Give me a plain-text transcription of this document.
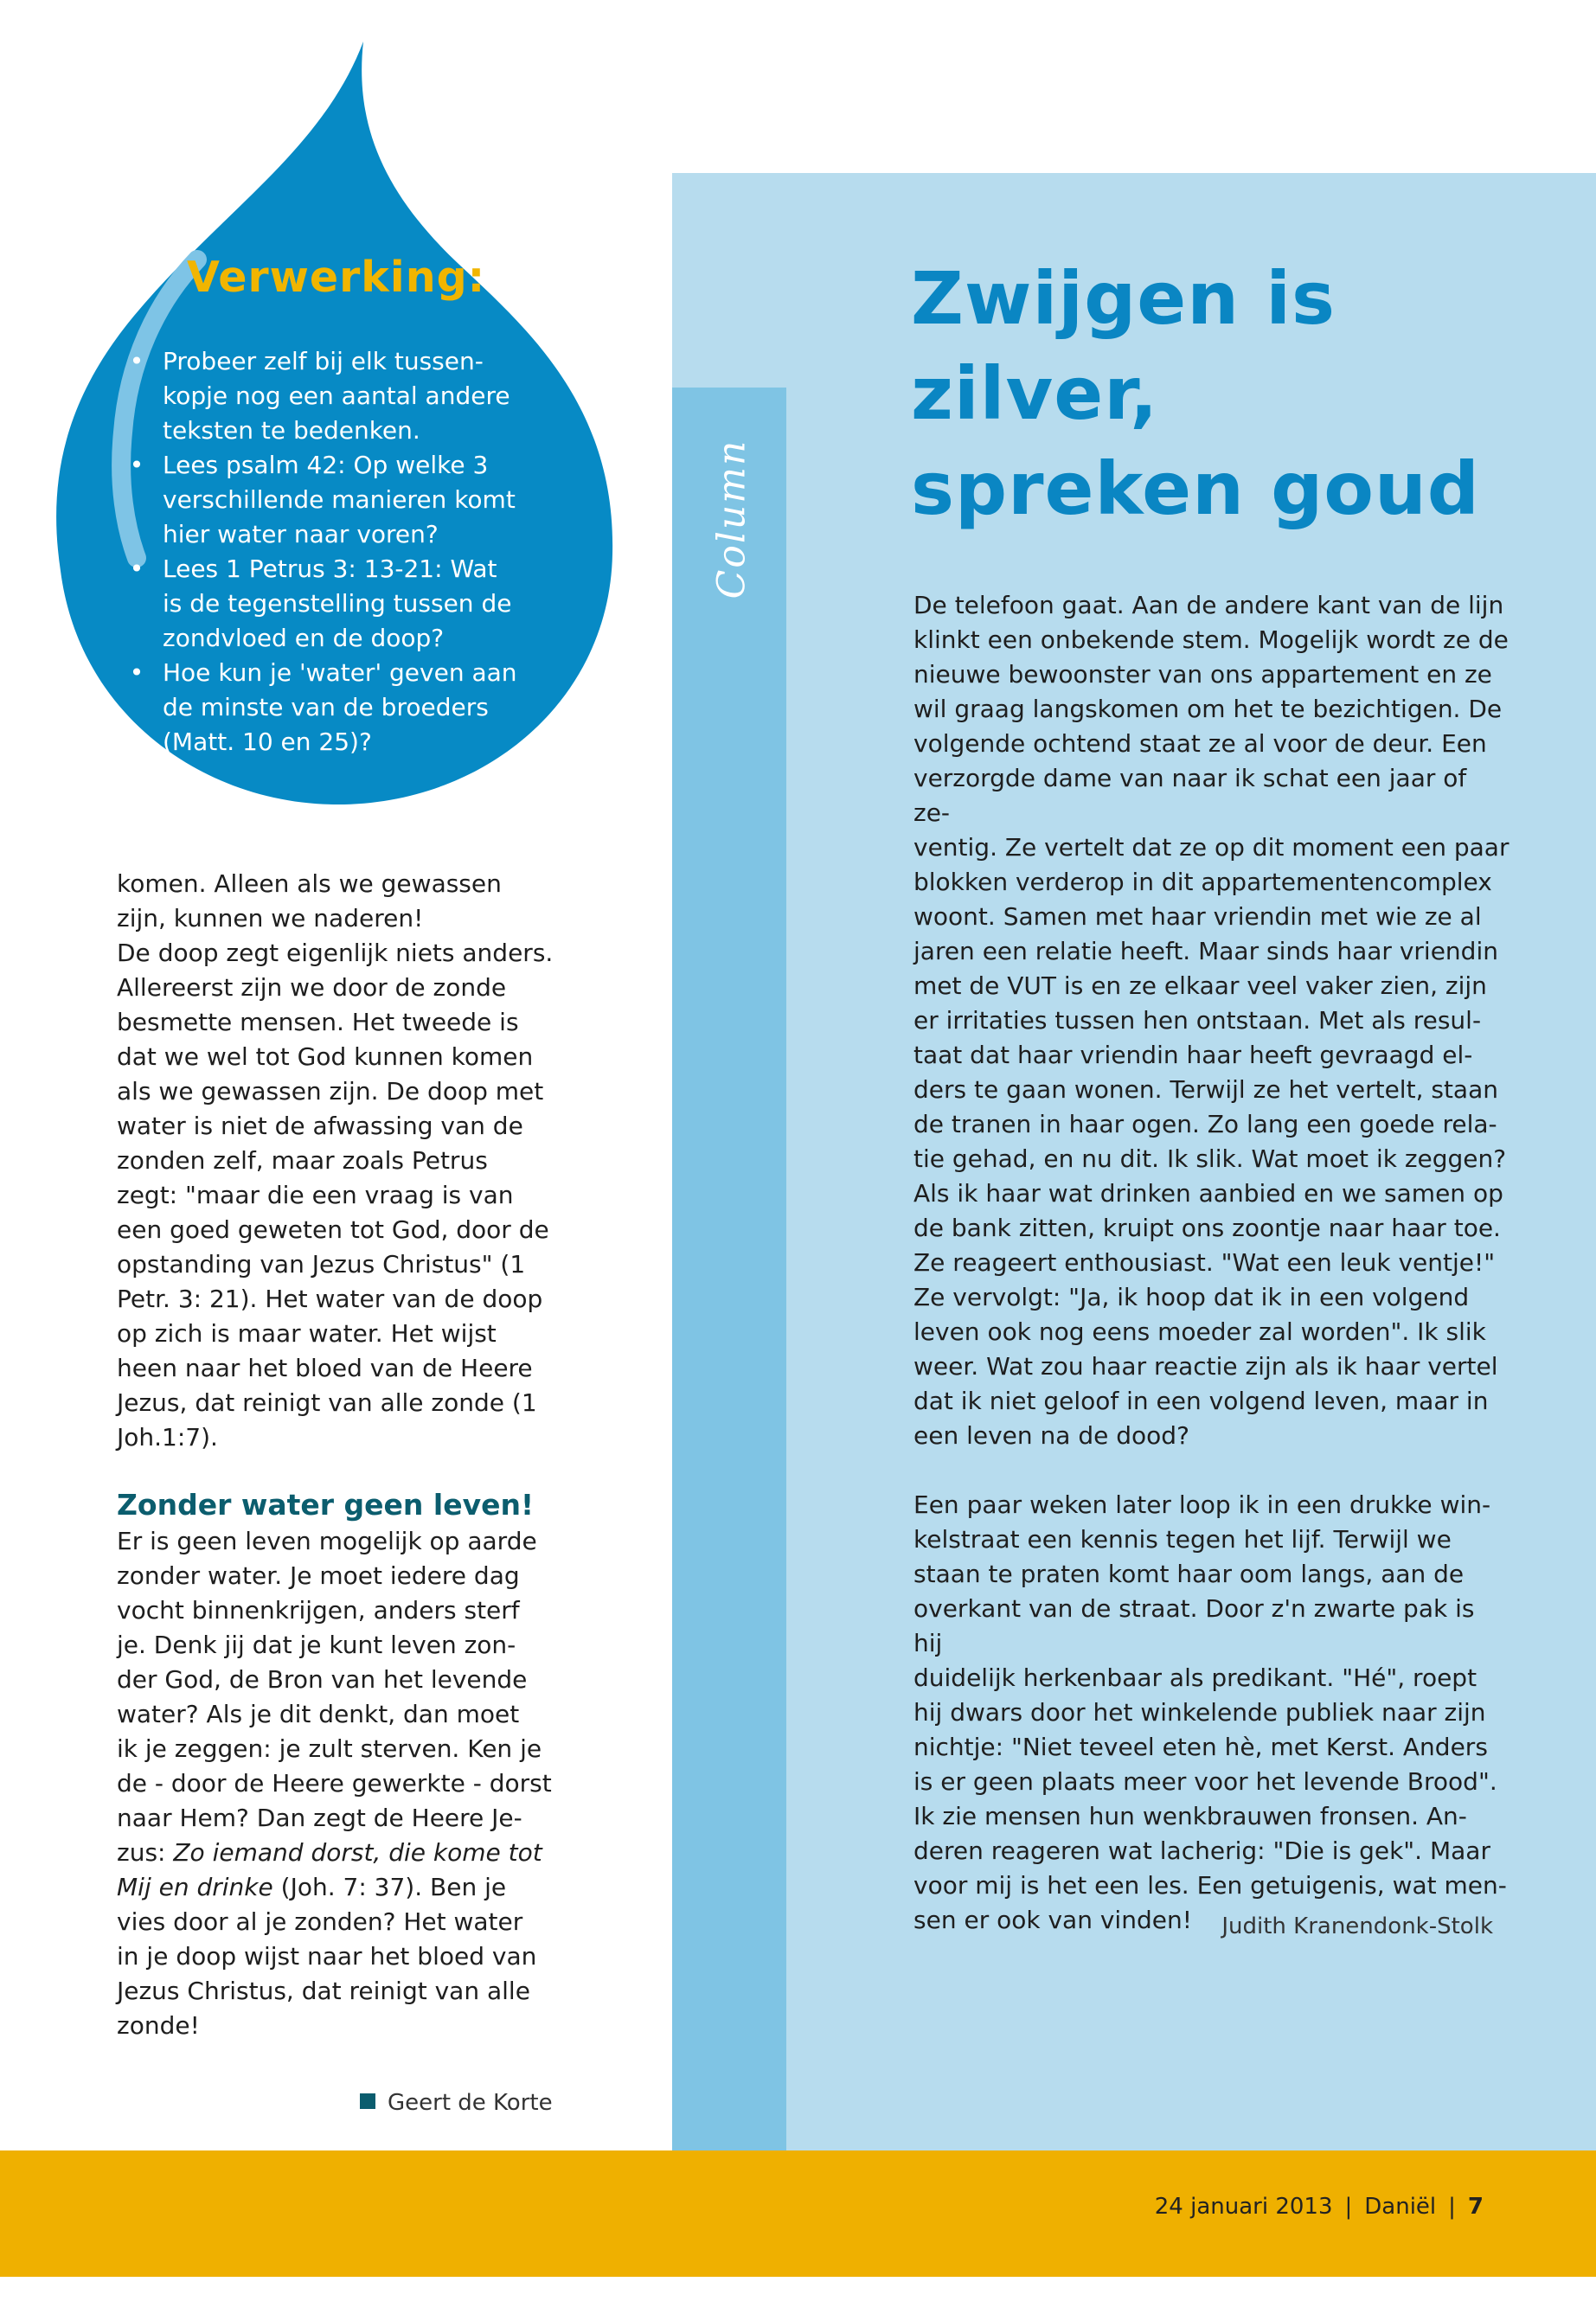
Verwerking:
• Probeer zelf bij elk tussen-
kopje nog een aantal andere
teksten te bedenken.
• Lees psalm 42: Op welke 3
verschillende manieren komt
hier water naar voren?
• Lees 1 Petrus 3: 13-21: Wat
is de tegenstelling tussen de
zondvloed en de doop?
• Hoe kun je 'water' geven aan
de minste van de broeders
(Matt. 10 en 25)?

komen. Alleen als we gewassen
zijn, kunnen we naderen!
De doop zegt eigenlijk niets anders.
Allereerst zijn we door de zonde
besmette mensen. Het tweede is
dat we wel tot God kunnen komen
als we gewassen zijn. De doop met
water is niet de afwassing van de
zonden zelf, maar zoals Petrus
zegt: "maar die een vraag is van
een goed geweten tot God, door de
opstanding van Jezus Christus" (1
Petr. 3: 21). Het water van de doop
op zich is maar water. Het wijst
heen naar het bloed van de Heere
Jezus, dat reinigt van alle zonde (1
Joh.1:7).

Zonder water geen leven!

Er is geen leven mogelijk op aarde
zonder water. Je moet iedere dag
vocht binnenkrijgen, anders sterf
je. Denk jij dat je kunt leven zon-
der God, de Bron van het levende
water? Als je dit denkt, dan moet
ik je zeggen: je zult sterven. Ken je
de - door de Heere gewerkte - dorst
naar Hem? Dan zegt de Heere Je-
zus: Zo iemand dorst, die kome tot
Mij en drinke (Joh. 7: 37). Ben je
vies door al je zonden? Het water
in je doop wijst naar het bloed van
Jezus Christus, dat reinigt van alle
zonde!

Geert de Korte
Column
Zwijgen is zilver,
spreken goud

De telefoon gaat. Aan de andere kant van de lijn
klinkt een onbekende stem. Mogelijk wordt ze de
nieuwe bewoonster van ons appartement en ze
wil graag langskomen om het te bezichtigen. De
volgende ochtend staat ze al voor de deur. Een
verzorgde dame van naar ik schat een jaar of ze-
ventig. Ze vertelt dat ze op dit moment een paar
blokken verderop in dit appartementencomplex
woont. Samen met haar vriendin met wie ze al
jaren een relatie heeft. Maar sinds haar vriendin
met de VUT is en ze elkaar veel vaker zien, zijn
er irritaties tussen hen ontstaan. Met als resul-
taat dat haar vriendin haar heeft gevraagd el-
ders te gaan wonen. Terwijl ze het vertelt, staan
de tranen in haar ogen. Zo lang een goede rela-
tie gehad, en nu dit. Ik slik. Wat moet ik zeggen?
Als ik haar wat drinken aanbied en we samen op
de bank zitten, kruipt ons zoontje naar haar toe.
Ze reageert enthousiast. "Wat een leuk ventje!"
Ze vervolgt: "Ja, ik hoop dat ik in een volgend
leven ook nog eens moeder zal worden". Ik slik
weer. Wat zou haar reactie zijn als ik haar vertel
dat ik niet geloof in een volgend leven, maar in
een leven na de dood?

Een paar weken later loop ik in een drukke win-
kelstraat een kennis tegen het lijf. Terwijl we
staan te praten komt haar oom langs, aan de
overkant van de straat. Door z'n zwarte pak is hij
duidelijk herkenbaar als predikant. "Hé", roept
hij dwars door het winkelende publiek naar zijn
nichtje: "Niet teveel eten hè, met Kerst. Anders
is er geen plaats meer voor het levende Brood".
Ik zie mensen hun wenkbrauwen fronsen. An-
deren reageren wat lacherig: "Die is gek". Maar
voor mij is het een les. Een getuigenis, wat men-
sen er ook van vinden!	Judith Kranendonk-Stolk
24 januari 2013 | Daniël | 7
